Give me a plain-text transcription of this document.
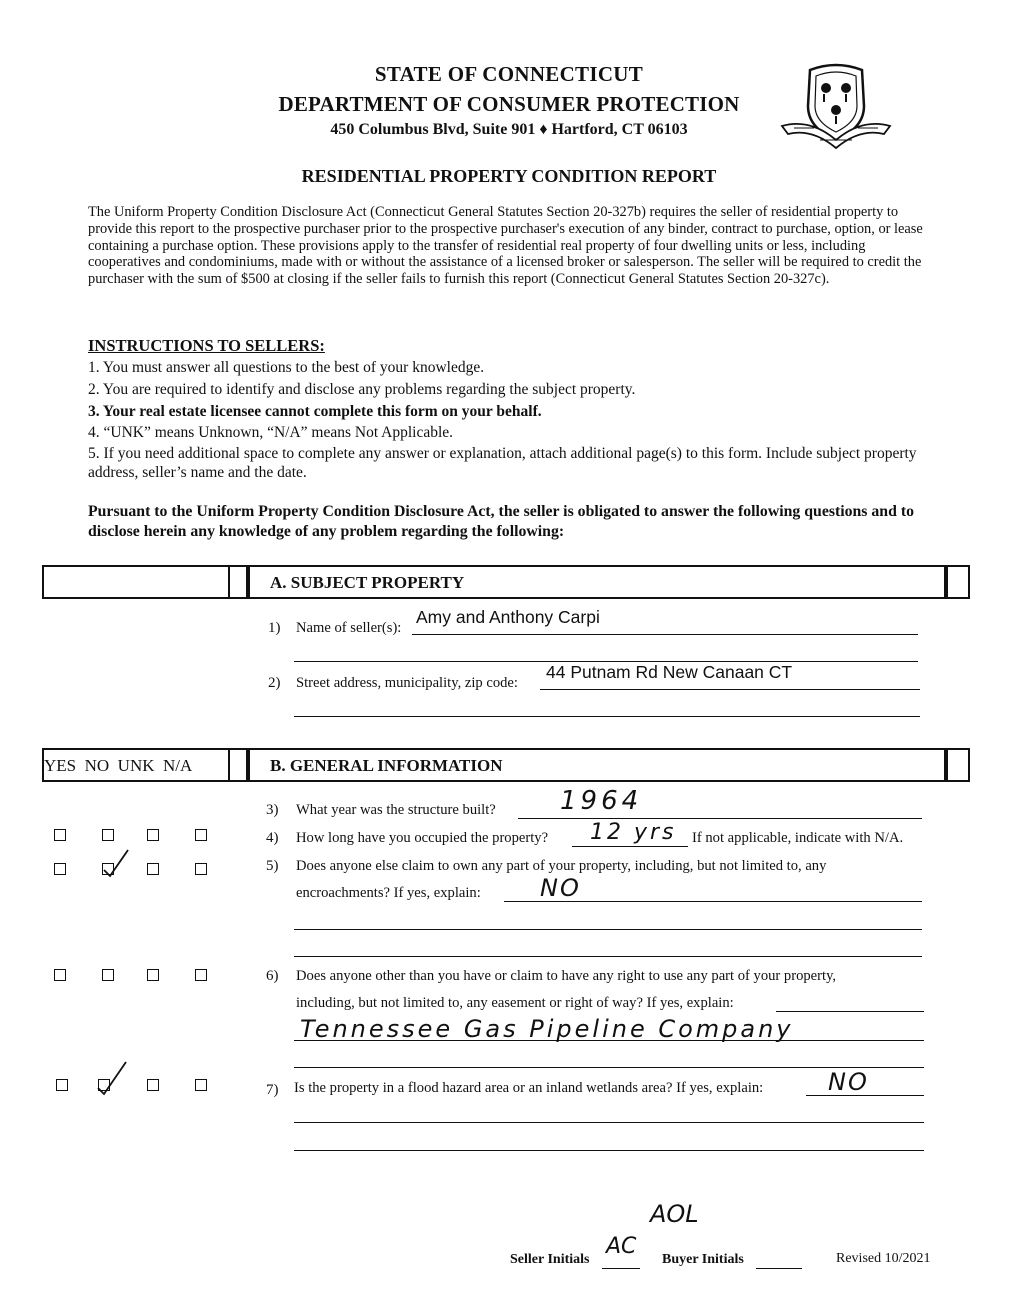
STATE OF CONNECTICUT
DEPARTMENT OF CONSUMER PROTECTION
450 Columbus Blvd, Suite 901 ♦ Hartford, CT 06103
RESIDENTIAL PROPERTY CONDITION REPORT
The Uniform Property Condition Disclosure Act (Connecticut General Statutes Section 20-327b) requires the seller of residential property to provide this report to the prospective purchaser prior to the prospective purchaser's execution of any binder, contract to purchase, option, or lease containing a purchase option. These provisions apply to the transfer of residential real property of four dwelling units or less, including cooperatives and condominiums, made with or without the assistance of a licensed broker or salesperson. The seller will be required to credit the purchaser with the sum of $500 at closing if the seller fails to furnish this report (Connecticut General Statutes Section 20-327c).
INSTRUCTIONS TO SELLERS:
1. You must answer all questions to the best of your knowledge.
2. You are required to identify and disclose any problems regarding the subject property.
3. Your real estate licensee cannot complete this form on your behalf.
4. “UNK” means Unknown, “N/A” means Not Applicable.
5. If you need additional space to complete any answer or explanation, attach additional page(s) to this form. Include subject property address, seller’s name and the date.
Pursuant to the Uniform Property Condition Disclosure Act, the seller is obligated to answer the following questions and to disclose herein any knowledge of any problem regarding the following:
A. SUBJECT PROPERTY
1) Name of seller(s):
Amy and Anthony Carpi
2) Street address, municipality, zip code:
44 Putnam Rd New Canaan CT
YES  NO  UNK  N/A	B. GENERAL INFORMATION
3) What year was the structure built? 1964
4) How long have you occupied the property? 12 yrs If not applicable, indicate with N/A.
5) Does anyone else claim to own any part of your property, including, but not limited to, any
encroachments? If yes, explain: NO
6) Does anyone other than you have or claim to have any right to use any part of your property,
including, but not limited to, any easement or right of way? If yes, explain:
Tennessee Gas Pipeline Company
7) Is the property in a flood hazard area or an inland wetlands area? If yes, explain:	NO
AOL
Seller Initials
AC
Buyer Initials	Revised 10/2021
